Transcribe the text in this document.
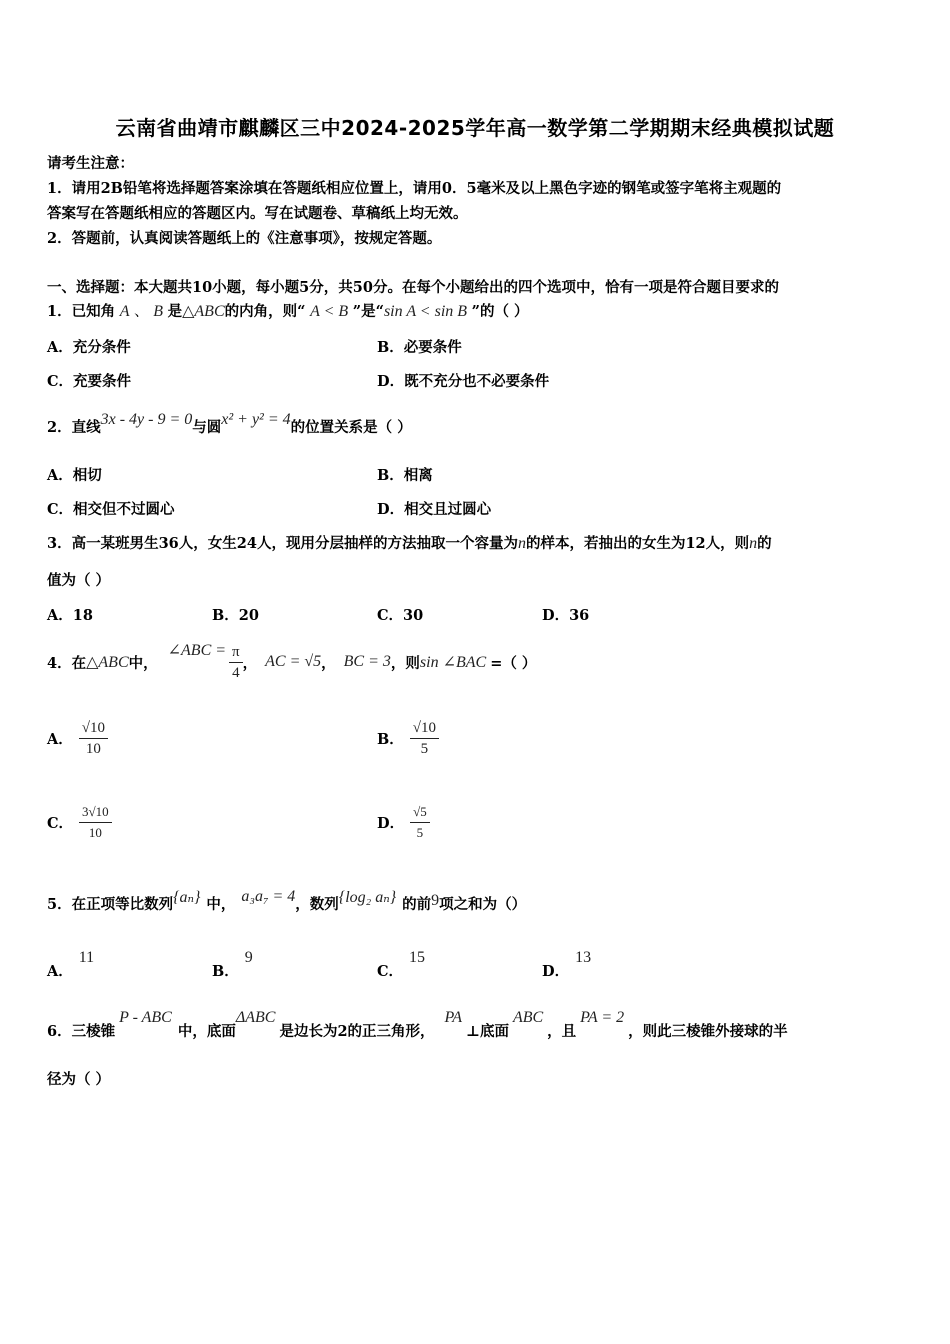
云南省曲靖市麒麟区三中2024-2025学年高一数学第二学期期末经典模拟试题
请考生注意：
1．请用2B铅笔将选择题答案涂填在答题纸相应位置上，请用0．5毫米及以上黑色字迹的钢笔或签字笔将主观题的
答案写在答题纸相应的答题区内。写在试题卷、草稿纸上均无效。
2．答题前，认真阅读答题纸上的《注意事项》，按规定答题。
一、选择题：本大题共10小题，每小题5分，共50分。在每个小题给出的四个选项中，恰有一项是符合题目要求的
1．已知角 A 、 B 是△ABC的内角，则“ A < B ”是“sin A < sin B ”的（ ）
A．充分条件	B．必要条件
C．充要条件	D．既不充分也不必要条件
2．直线3x - 4y - 9 = 0与圆x² + y² = 4的位置关系是（ ）
A．相切	B．相离
C．相交但不过圆心	D．相交且过圆心
3．高一某班男生36人，女生24人，现用分层抽样的方法抽取一个容量为n的样本，若抽出的女生为12人，则n的
值为（ ）
A．18	B．20	C．30	D．36
4．在 △ABC 中，
∠ABC = $\frac{\pi}{4}$ ， AC = √5 ， BC = 3 ，则 sin ∠BAC =（ ）
A． $\frac{√10}{10}$	B． $\frac{√10}{5}$
C． $\frac{3√10}{10}$	D． $\frac{√5}{5}$
5．在正项等比数列 {aₙ} 中， a₃a₇ = 4 ，数列 {log₂ aₙ} 的前 9 项之和为（）
A．11
B．9
C．15
D．13
6．三棱锥
P - ABC
中，底面
ΔABC
是边长为2的正三角形，
PA
⊥底面
ABC
，且
PA = 2
，则此三棱锥外接球的半
径为（ ）
